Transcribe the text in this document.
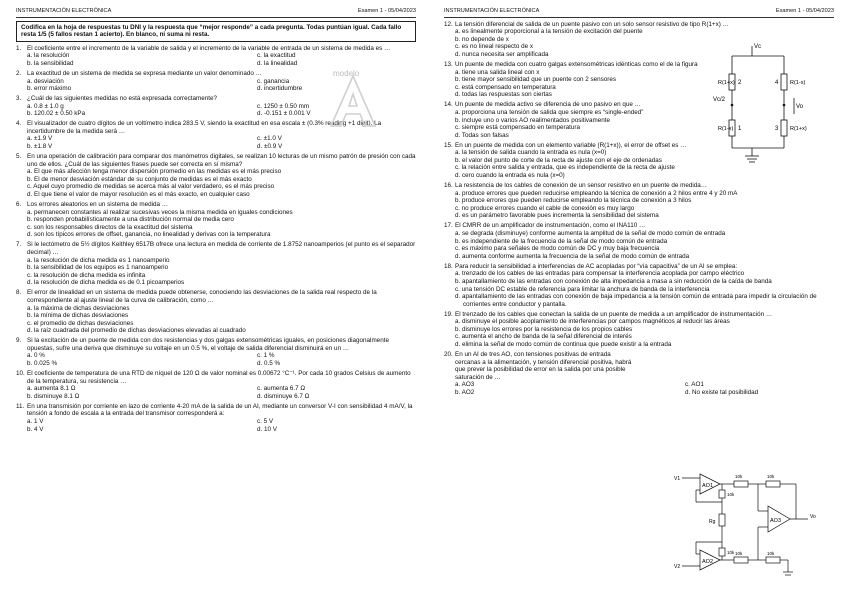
INSTRUMENTACIÓN ELECTRÓNICA	Examen 1 - 05/04/2023
Codifica en la hoja de respuestas tu DNI y la respuesta que “mejor responde” a cada pregunta. Todas puntúan igual. Cada fallo resta 1/5 (5 fallos restan 1 acierto). En blanco, ni suma ni resta.
1. El coeficiente entre el incremento de la variable de salida y el incremento de la variable de entrada de un sistema de medida es …
a. la resolución	c. la exactitud
b. la sensibilidad	d. la linealidad
2. La exactitud de un sistema de medida se expresa mediante un valor denominado …
a. desviación	c. ganancia
b. error máximo	d. incertidumbre
3. ¿Cuál de las siguientes medidas no está expresada correctamente?
a. 0.8 ± 1.0 g	c. 1250 ± 0.50 mm
b. 120.02 ± 0.50 kPa	d. -0.151 ± 0.001 V
4. El visualizador de cuatro dígitos de un voltímetro indica 283.5 V, siendo la exactitud en esa escala ± (0.3% reading +1 digit). La incertidumbre de la medida será …
a. ±1.9 V	c. ±1.0 V
b. ±1.8 V	d. ±0.9 V
5. En una operación de calibración para comparar dos manómetros digitales, se realizan 10 lecturas de un mismo patrón de presión con cada uno de ellos. ¿Cuál de las siguientes frases puede ser correcta en sí misma?
a. El que más afección tenga menor dispersión promedio en las medidas es el más preciso
b. El de menor desviación estándar de su conjunto de medidas es el más exacto
c. Aquel cuyo promedio de medidas se acerca más al valor verdadero, es el más preciso
d. El que tiene el valor de mayor resolución es el más exacto, en cualquier caso
6. Los errores aleatorios en un sistema de medida …
a. permanecen constantes al realizar sucesivas veces la misma medida en iguales condiciones
b. responden probabilísticamente a una distribución normal de media cero
c. son los responsables directos de la exactitud del sistema
d. son los típicos errores de offset, ganancia, no linealidad y derivas con la temperatura
7. Si le lectómetro de 5½ dígitos Keithley 6517B ofrece una lectura en medida de corriente de 1.8752 nanoamperios (el punto es el separador decimal) …
a. la resolución de dicha medida es 1 nanoamperio
b. la sensibilidad de los equipos es 1 nanoamperio
c. la resolución de dicha medida es infinita
d. la resolución de dicha medida es de 0.1 picoamperios
8. El error de linealidad en un sistema de medida puede obtenerse, conociendo las desviaciones de la salida real respecto de la correspondiente al ajuste lineal de la curva de calibración, como …
a. la máxima de dichas desviaciones
b. la mínima de dichas desviaciones
c. el promedio de dichas desviaciones
d. la raíz cuadrada del promedio de dichas desviaciones elevadas al cuadrado
9. Si la excitación de un puente de medida con dos resistencias y dos galgas extensométricas iguales, en posiciones diagonalmente opuestas, sufre una deriva que disminuye su voltaje en un 0.5 %, el voltaje de salida diferencial disminuirá en un …
a. 0 %	c. 1 %
b. 0.025 %	d. 0.5 %
10. El coeficiente de temperatura de una RTD de níquel de 120 Ω de valor nominal es 0.00672 °C⁻¹. Por cada 10 grados Celsius de aumento de la temperatura, su resistencia …
a. aumenta 8.1 Ω	c. aumenta 6.7 Ω
b. disminuye 8.1 Ω	d. disminuye 6.7 Ω
11. En una transmisión por corriente en lazo de corriente 4-20 mA de la salida de un AI, mediante un conversor V-I con sensibilidad 4 mA/V, la tensión a fondo de escala a la entrada del transmisor corresponderá a:
a. 1 V	c. 5 V
b. 4 V	d. 10 V
modelo
INSTRUMENTACIÓN ELECTRÓNICA	Examen 1 - 05/04/2023
12. La tensión diferencial de salida de un puente pasivo con un solo sensor resistivo de tipo R(1+x) …
a. es linealmente proporcional a la tensión de excitación del puente
b. no depende de x
c. es no lineal respecto de x
d. nunca necesita ser amplificada
13. Un puente de medida con cuatro galgas extensométricas idénticas como el de la figura
a. tiene una salida lineal con x
b. tiene mayor sensibilidad que un puente con 2 sensores
c. está compensado en temperatura
d. todas las respuestas son ciertas
14. Un puente de medida activo se diferencia de uno pasivo en que …
a. proporciona una tensión de salida que siempre es “single-ended”
b. incluye uno o varios AO realimentados positivamente
c. siempre está compensado en temperatura
d. Todas son falsas
15. En un puente de medida con un elemento variable (R(1+x)), el error de offset es …
a. la tensión de salida cuando la entrada es nula (x=0)
b. el valor del punto de corte de la recta de ajuste con el eje de ordenadas
c. la relación entre salida y entrada, que es independiente de la recta de ajuste
d. cero cuando la entrada es nula (x=0)
16. La resistencia de los cables de conexión de un sensor resistivo en un puente de medida…
a. produce errores que pueden reducirse empleando la técnica de conexión a 2 hilos entre 4 y 20 mA
b. produce errores que pueden reducirse empleando la técnica de conexión a 3 hilos
c. no produce errores cuando el cable de conexión es muy largo
d. es un parámetro favorable pues incrementa la sensibilidad del sistema
17. El CMRR de un amplificador de instrumentación, como el INA110 …
a. se degrada (disminuye) conforme aumenta la amplitud de la señal de modo común de entrada
b. es independiente de la frecuencia de la señal de modo común de entrada
c. es máximo para señales de modo común de DC y muy baja frecuencia
d. aumenta conforme aumenta la frecuencia de la señal de modo común de entrada
18. Para reducir la sensibilidad a interferencias de AC acopladas por “vía capacitiva” de un AI se emplea:
a. trenzado de los cables de las entradas para compensar la interferencia acoplada por campo eléctrico
b. apantallamiento de las entradas con conexión de alta impedancia a masa a sin reducción de la caída de banda
c. una tensión DC estable de referencia para limitar la anchura de banda de la interferencia
d. apantallamiento de las entradas con conexión de baja impedancia a la tensión común de entrada para impedir la circulación de corrientes entre conductor y pantalla.
19. El trenzado de los cables que conectan la salida de un puente de medida a un amplificador de instrumentación …
a. disminuye el posible acoplamiento de interferencias por campos magnéticos al reducir las áreas
b. disminuye los errores por la resistencia de los propios cables
c. aumenta el ancho de banda de la señal diferencial de interés
d. elimina la señal de modo común de continua que puede existir a la entrada
20. En un AI de tres AO, con tensiones positivas de entrada cercanas a la alimentación, y tensión diferencial positiva, habrá que prever la posibilidad de error en la salida por una posible saturación de …
a. AO3	c. AO1
b. AO2	d. No existe tal posibilidad
Vc
Vc/2
Vo
R(1+x) 2
R(1-x) 1
R(1-x)
4
R(1+x)
3
AO1
AO2
AO3
Rg
10k
10k
10k
10k
10k
10k
V1
V2
Vo
